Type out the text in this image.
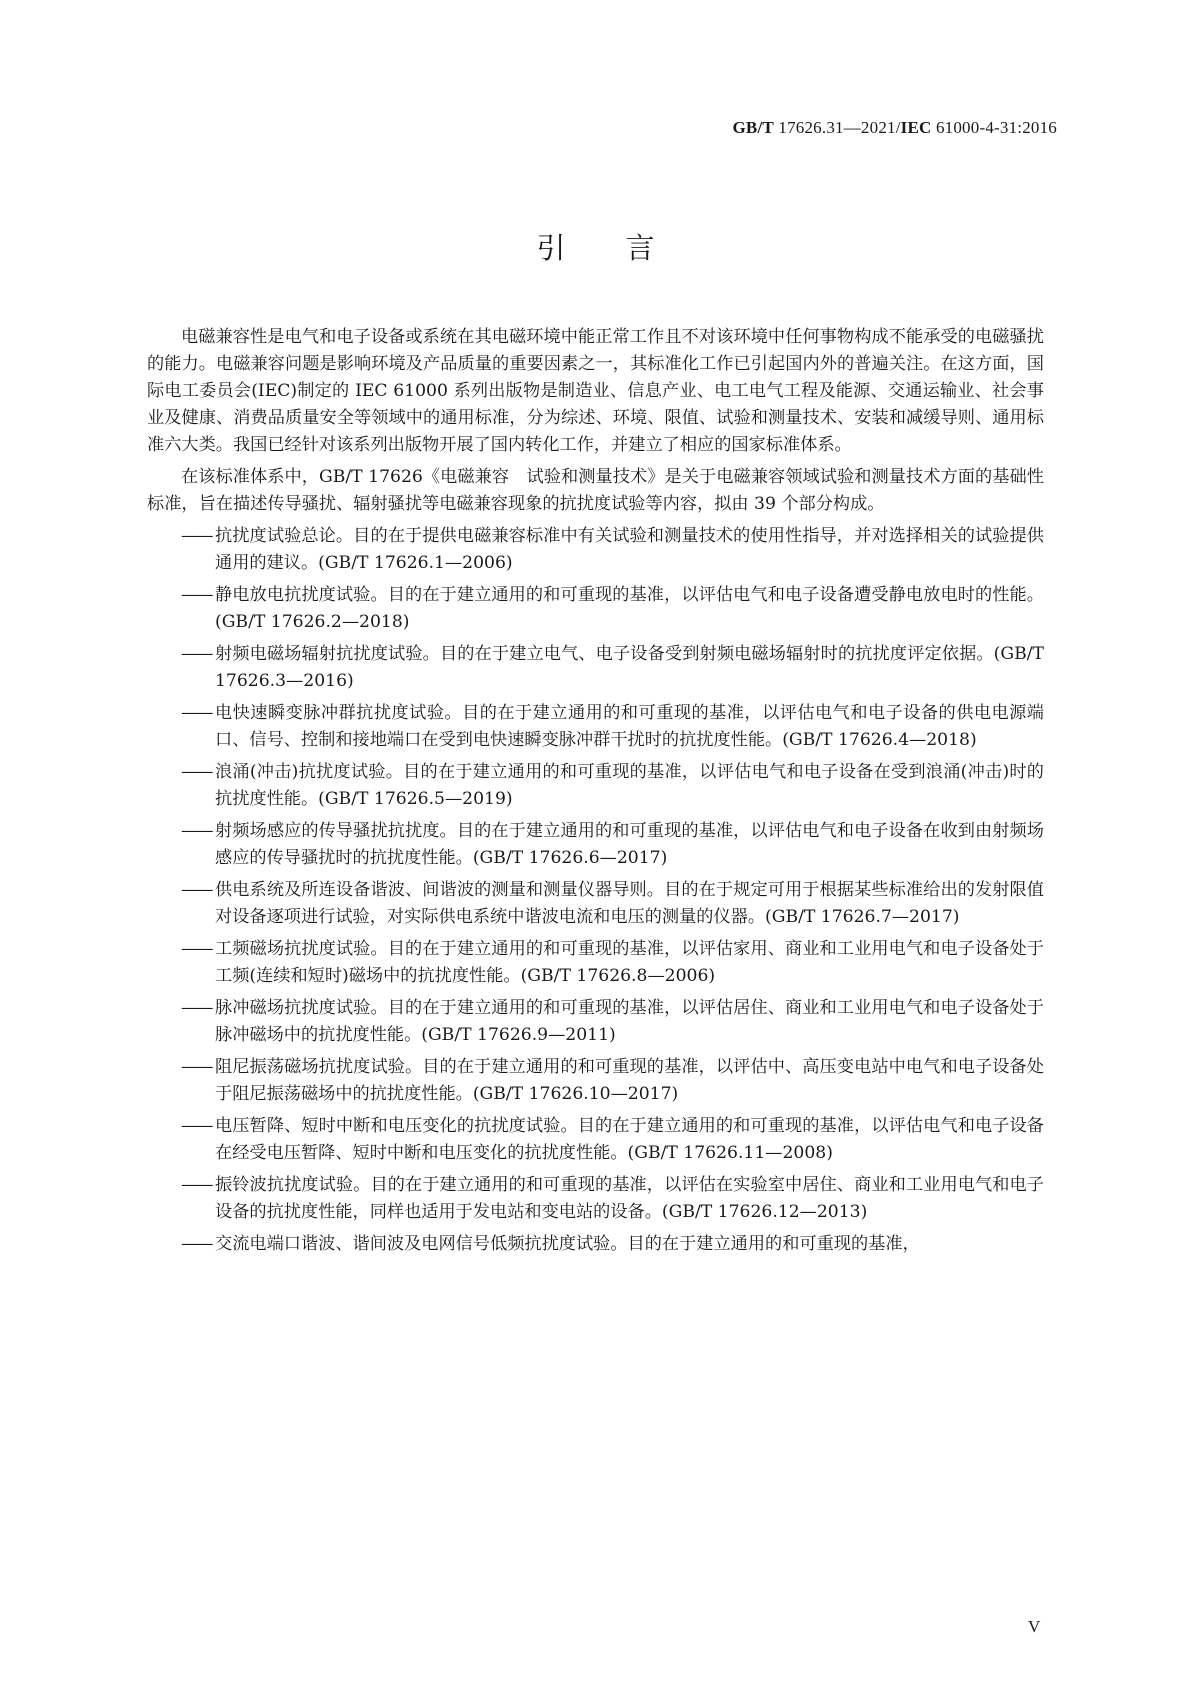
GB/T 17626.31—2021/IEC 61000-4-31:2016
引言

电磁兼容性是电气和电子设备或系统在其电磁环境中能正常工作且不对该环境中任何事物构成不能承受的电磁骚扰的能力。电磁兼容问题是影响环境及产品质量的重要因素之一，其标准化工作已引起国内外的普遍关注。在这方面，国际电工委员会(IEC)制定的 IEC 61000 系列出版物是制造业、信息产业、电工电气工程及能源、交通运输业、社会事业及健康、消费品质量安全等领域中的通用标准，分为综述、环境、限值、试验和测量技术、安装和减缓导则、通用标准六大类。我国已经针对该系列出版物开展了国内转化工作，并建立了相应的国家标准体系。

在该标准体系中，GB/T 17626《电磁兼容　试验和测量技术》是关于电磁兼容领域试验和测量技术方面的基础性标准，旨在描述传导骚扰、辐射骚扰等电磁兼容现象的抗扰度试验等内容，拟由 39 个部分构成。

—— 抗扰度试验总论。目的在于提供电磁兼容标准中有关试验和测量技术的使用性指导，并对选择相关的试验提供通用的建议。(GB/T 17626.1—2006)
—— 静电放电抗扰度试验。目的在于建立通用的和可重现的基准，以评估电气和电子设备遭受静电放电时的性能。(GB/T 17626.2—2018)
—— 射频电磁场辐射抗扰度试验。目的在于建立电气、电子设备受到射频电磁场辐射时的抗扰度评定依据。(GB/T 17626.3—2016)
—— 电快速瞬变脉冲群抗扰度试验。目的在于建立通用的和可重现的基准，以评估电气和电子设备的供电电源端口、信号、控制和接地端口在受到电快速瞬变脉冲群干扰时的抗扰度性能。(GB/T 17626.4—2018)
—— 浪涌(冲击)抗扰度试验。目的在于建立通用的和可重现的基准，以评估电气和电子设备在受到浪涌(冲击)时的抗扰度性能。(GB/T 17626.5—2019)
—— 射频场感应的传导骚扰抗扰度。目的在于建立通用的和可重现的基准，以评估电气和电子设备在收到由射频场感应的传导骚扰时的抗扰度性能。(GB/T 17626.6—2017)
—— 供电系统及所连设备谐波、间谐波的测量和测量仪器导则。目的在于规定可用于根据某些标准给出的发射限值对设备逐项进行试验，对实际供电系统中谐波电流和电压的测量的仪器。(GB/T 17626.7—2017)
—— 工频磁场抗扰度试验。目的在于建立通用的和可重现的基准，以评估家用、商业和工业用电气和电子设备处于工频(连续和短时)磁场中的抗扰度性能。(GB/T 17626.8—2006)
—— 脉冲磁场抗扰度试验。目的在于建立通用的和可重现的基准，以评估居住、商业和工业用电气和电子设备处于脉冲磁场中的抗扰度性能。(GB/T 17626.9—2011)
—— 阻尼振荡磁场抗扰度试验。目的在于建立通用的和可重现的基准，以评估中、高压变电站中电气和电子设备处于阻尼振荡磁场中的抗扰度性能。(GB/T 17626.10—2017)
—— 电压暂降、短时中断和电压变化的抗扰度试验。目的在于建立通用的和可重现的基准，以评估电气和电子设备在经受电压暂降、短时中断和电压变化的抗扰度性能。(GB/T 17626.11—2008)
—— 振铃波抗扰度试验。目的在于建立通用的和可重现的基准，以评估在实验室中居住、商业和工业用电气和电子设备的抗扰度性能，同样也适用于发电站和变电站的设备。(GB/T 17626.12—2013)
—— 交流电端口谐波、谐间波及电网信号低频抗扰度试验。目的在于建立通用的和可重现的基准，
V
